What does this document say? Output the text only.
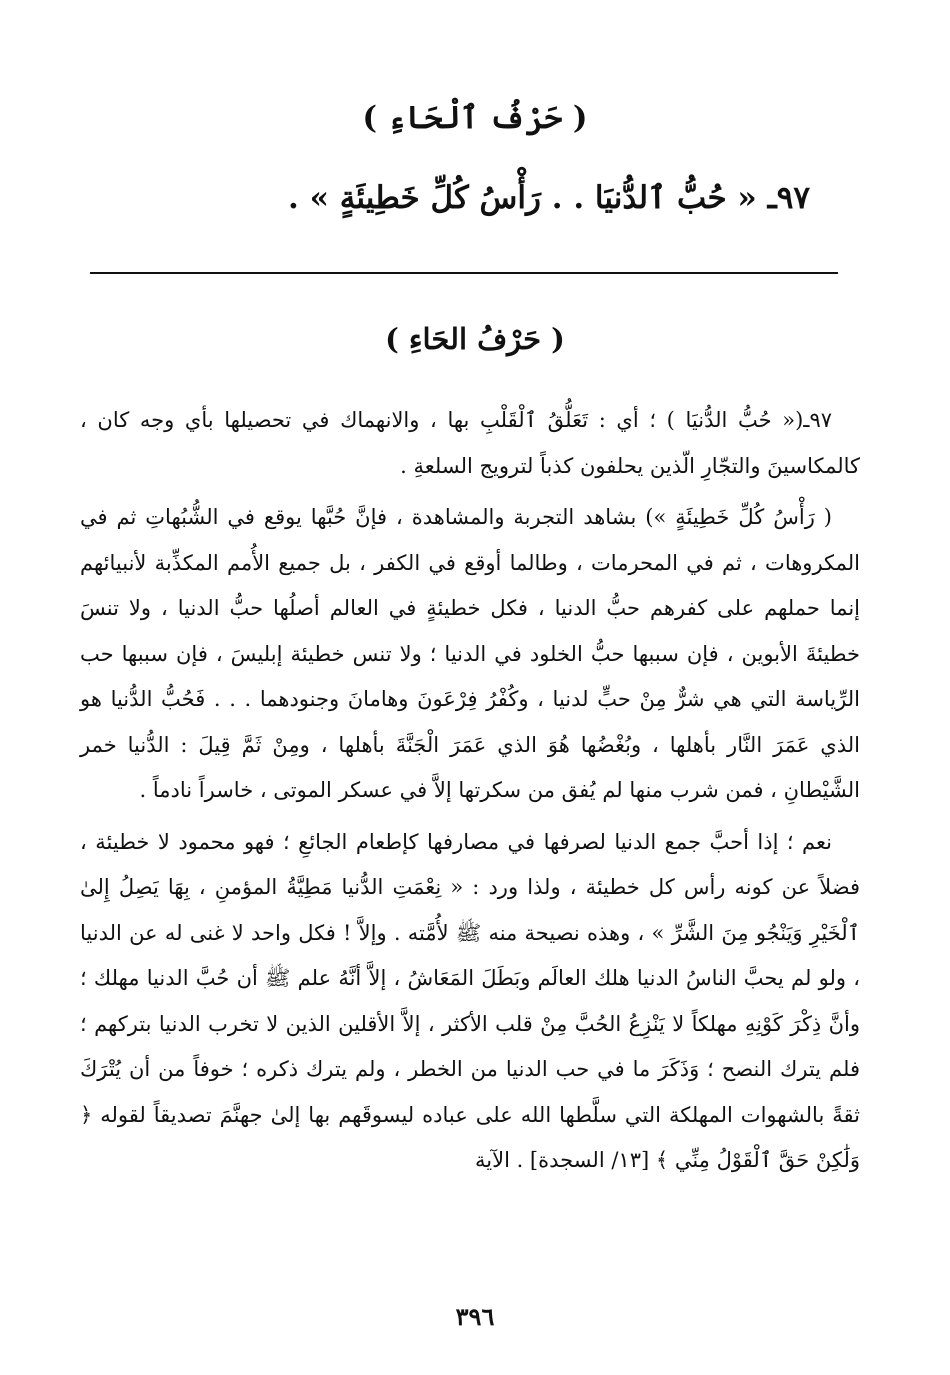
( حَرْفُ ٱلْحَاءِ )
٩٧ـ « حُبُّ ٱلدُّنيَا . . رَأْسُ كُلِّ خَطِيئَةٍ » .
( حَرْفُ الحَاءِ )

٩٧ـ(« حُبُّ الدُّنيَا ) ؛ أي : تَعَلُّقُ ٱلْقَلْبِ بها ، والانهماك في تحصيلها بأي وجه كان ، كالمكاسينَ والتجّارِ الّذين يحلفون كذباً لترويج السلعةِ .

( رَأْسُ كُلِّ خَطِيئَةٍ ») بشاهد التجربة والمشاهدة ، فإنَّ حُبَّها يوقع في الشُّبُهاتِ ثم في المكروهات ، ثم في المحرمات ، وطالما أوقع في الكفر ، بل جميع الأُمم المكذِّبة لأنبيائهم إنما حملهم على كفرهم حبُّ الدنيا ، فكل خطيئةٍ في العالم أصلُها حبُّ الدنيا ، ولا تنسَ خطيئةَ الأبوين ، فإن سببها حبُّ الخلود في الدنيا ؛ ولا تنس خطيئة إبليسَ ، فإن سببها حب الرِّياسة التي هي شرٌّ مِنْ حبٍّ لدنيا ، وكُفْرُ فِرْعَونَ وهامانَ وجنودهما . . . فَحُبُّ الدُّنيا هو الذي عَمَرَ النَّار بأهلها ، وبُغْضُها هُوَ الذي عَمَرَ الْجَنَّةَ بأهلها ، ومِنْ ثَمَّ قِيلَ : الدُّنيا خمر الشَّيْطانِ ، فمن شرب منها لم يُفق من سكرتها إلاَّ في عسكر الموتى ، خاسراً نادماً .

نعم ؛ إذا أحبَّ جمع الدنيا لصرفها في مصارفها كإطعام الجائعِ ؛ فهو محمود لا خطيئة ، فضلاً عن كونه رأس كل خطيئة ، ولذا ورد : « نِعْمَتِ الدُّنيا مَطِيَّةُ المؤمنِ ، بِهَا يَصِلُ إِلىٰ ٱلْخَيْرِ وَيَنْجُو مِنَ الشَّرِّ » ، وهذه نصيحة منه ﷺ لأُمَّته . وإلاَّ ! فكل واحد لا غنى له عن الدنيا ، ولو لم يحبَّ الناسُ الدنيا هلك العالَم وبَطَلَ المَعَاشُ ، إلاَّ أنَّهُ علم ﷺ أن حُبَّ الدنيا مهلك ؛ وأنَّ ذِكْرَ كَوْنِهِ مهلكاً لا يَنْزِعُ الحُبَّ مِنْ قلب الأكثر ، إلاَّ الأقلين الذين لا تخرب الدنيا بتركهم ؛ فلم يترك النصح ؛ وَذَكَرَ ما في حب الدنيا من الخطر ، ولم يترك ذكره ؛ خوفاً من أن يُتْرَكَ ثقةً بالشهوات المهلكة التي سلَّطها الله على عباده ليسوقَهم بها إلىٰ جهنَّمَ تصديقاً لقوله ﴿ وَلَٰكِنْ حَقَّ ٱلْقَوْلُ مِنِّي ﴾ [١٣/ السجدة] . الآية

٣٩٦
